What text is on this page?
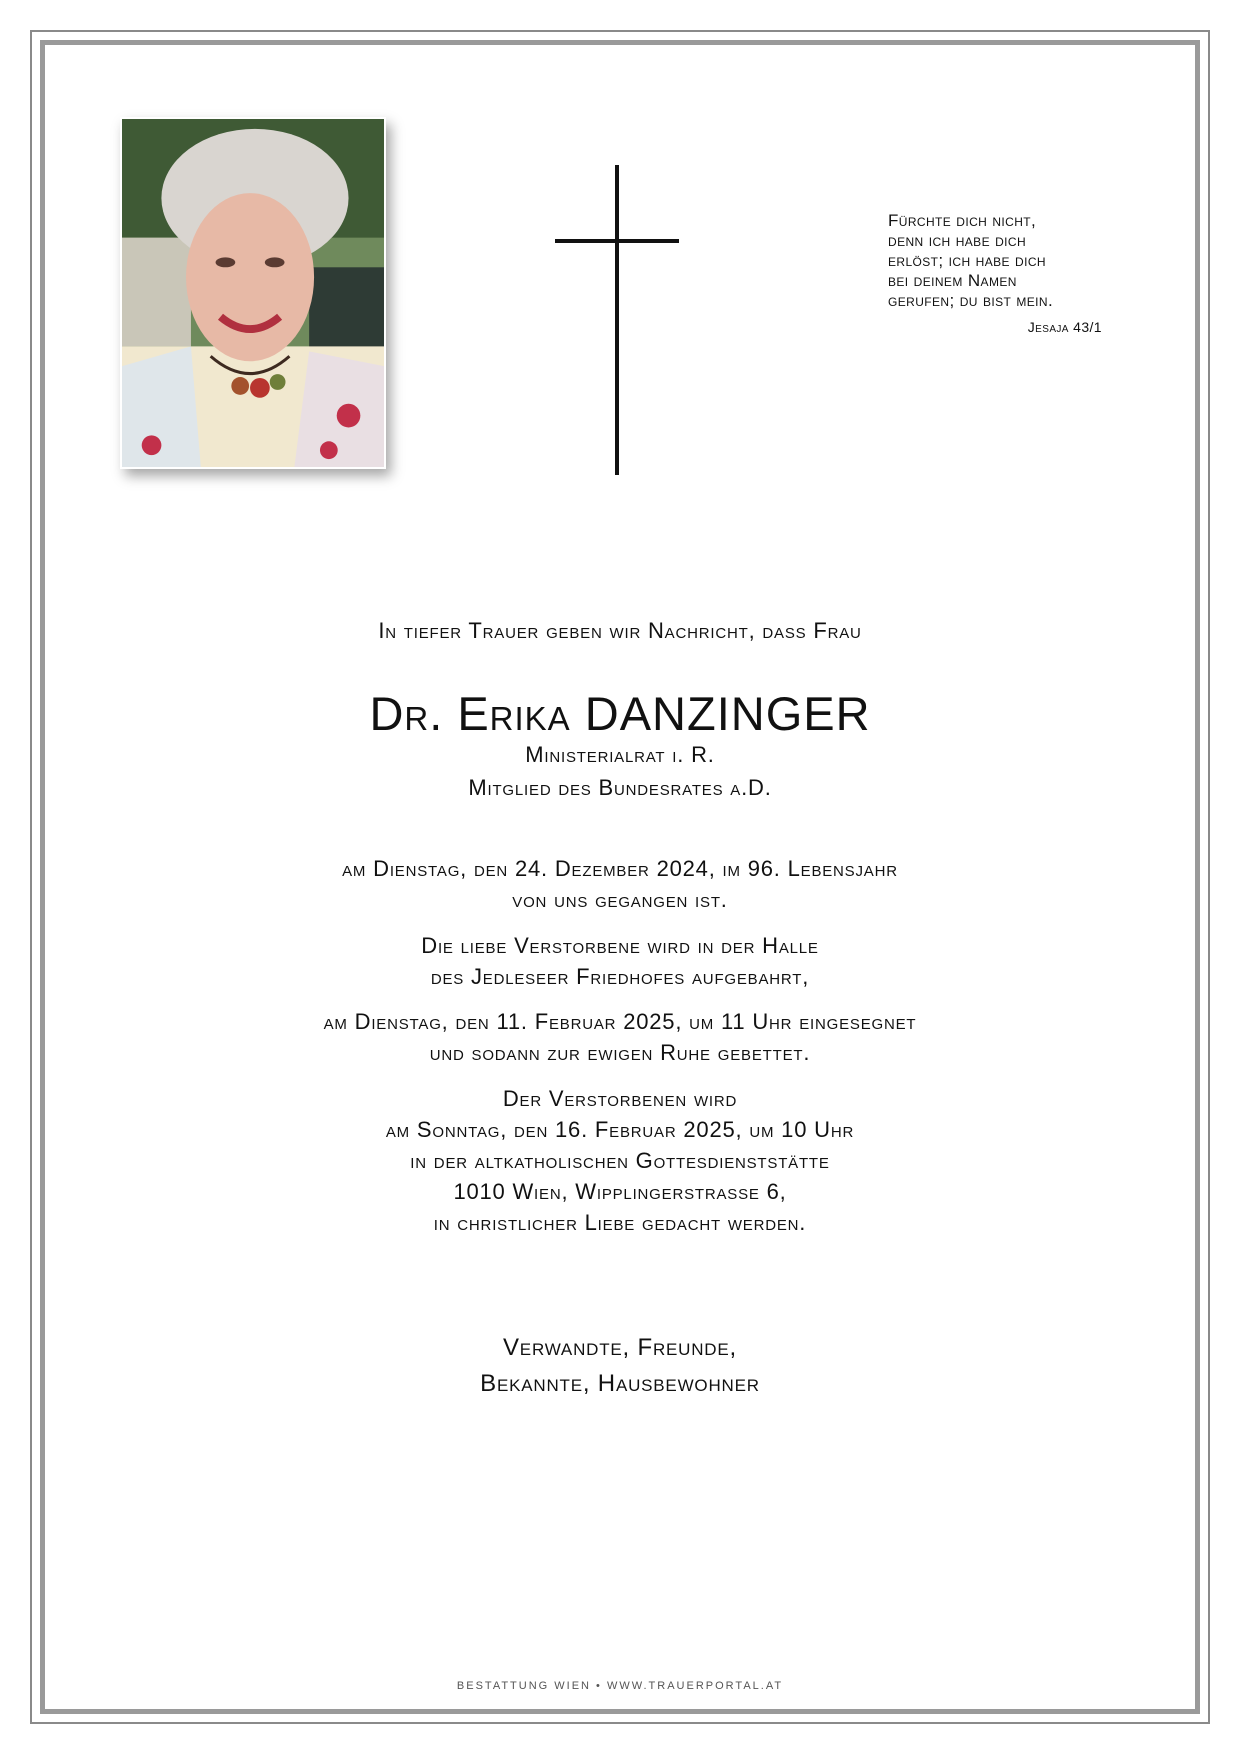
Fürchte dich nicht,
denn ich habe dich
erlöst; ich habe dich
bei deinem Namen
gerufen; du bist mein.
Jesaja 43/1
In tiefer Trauer geben wir Nachricht, dass Frau
Dr. Erika DANZINGER
Ministerialrat i. R.
Mitglied des Bundesrates a.D.
am Dienstag, den 24. Dezember 2024, im 96. Lebensjahr
von uns gegangen ist.
Die liebe Verstorbene wird in der Halle
des Jedleseer Friedhofes aufgebahrt,
am Dienstag, den 11. Februar 2025, um 11 Uhr eingesegnet
und sodann zur ewigen Ruhe gebettet.
Der Verstorbenen wird
am Sonntag, den 16. Februar 2025, um 10 Uhr
in der altkatholischen Gottesdienststätte
1010 Wien, Wipplingerstrasse 6,
in christlicher Liebe gedacht werden.
Verwandte, Freunde,
Bekannte, Hausbewohner
BESTATTUNG WIEN • WWW.TRAUERPORTAL.AT
